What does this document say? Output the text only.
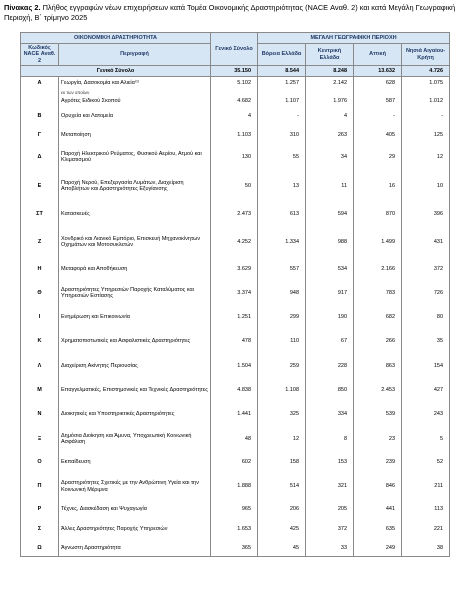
Πίνακας 2. Πλήθος εγγραφών νέων επιχειρήσεων κατά Τομέα Οικονομικής Δραστηριότητας (NACE Αναθ. 2) και κατά Μεγάλη Γεωγραφική Περιοχή, Β΄ τρίμηνο 2025
ΟΙΚΟΝΟΜΙΚΗ ΔΡΑΣΤΗΡΙΟΤΗΤΑ		Γενικό Σύνολο	ΜΕΓΑΛΗ ΓΕΩΓΡΑΦΙΚΗ ΠΕΡΙΟΧΗ			
Κωδικός NACE Αναθ. 2	Περιγραφή		Βόρεια Ελλάδα	Κεντρική Ελλάδα	Αττική	Νησιά Αιγαίου-Κρήτη
Γενικό Σύνολο		35.150	8.544	8.248	13.632	4.726
A	Γεωργία, Δασοκομία και Αλιεία⁽¹⁾	5.102	1.257	2.142	628	1.075
	εκ των οποίων					
	Αγρότες Ειδικού Σκοπού	4.682	1.107	1.976	587	1.012
B	Ορυχεία και Λατομεία	4	-	4	-	-
Γ	Μεταποίηση	1.103	310	263	405	125
Δ	Παροχή Ηλεκτρικού Ρεύματος, Φυσικού Αερίου, Ατμού και Κλιματισμού	130	55	34	29	12
Ε	Παροχή Νερού, Επεξεργασία Λυμάτων, Διαχείριση Αποβλήτων και Δραστηριότητες Εξυγίανσης	50	13	11	16	10
ΣΤ	Κατασκευές	2.473	613	594	870	396
Ζ	Χονδρικό και Λιανικό Εμπόριο, Επισκευή Μηχανοκίνητων Οχημάτων και Μοτοσυκλετών	4.252	1.334	988	1.499	431
Η	Μεταφορά και Αποθήκευση	3.629	557	534	2.166	372
Θ	Δραστηριότητες Υπηρεσιών Παροχής Καταλύματος και Υπηρεσιών Εστίασης	3.374	948	917	783	726
Ι	Ενημέρωση και Επικοινωνία	1.251	299	190	682	80
Κ	Χρηματοπιστωτικές και Ασφαλιστικές Δραστηριότητες	478	110	67	266	35
Λ	Διαχείριση Ακίνητης Περιουσίας	1.504	259	228	863	154
Μ	Επαγγελματικές, Επιστημονικές και Τεχνικές Δραστηριότητες	4.838	1.108	850	2.453	427
Ν	Διοικητικές και Υποστηρικτικές Δραστηριότητες	1.441	325	334	539	243
Ξ	Δημόσια Διοίκηση και Άμυνα, Υποχρεωτική Κοινωνική Ασφάλιση	48	12	8	23	5
Ο	Εκπαίδευση	602	158	153	239	52
Π	Δραστηριότητες Σχετικές με την Ανθρώπινη Υγεία και την Κοινωνική Μέριμνα	1.888	514	321	846	211
Ρ	Τέχνες, Διασκέδαση και Ψυχαγωγία	965	206	205	441	113
Σ	Άλλες Δραστηριότητες Παροχής Υπηρεσιών	1.653	425	372	635	221
Ω	Άγνωστη Δραστηριότητα	365	45	33	249	38
